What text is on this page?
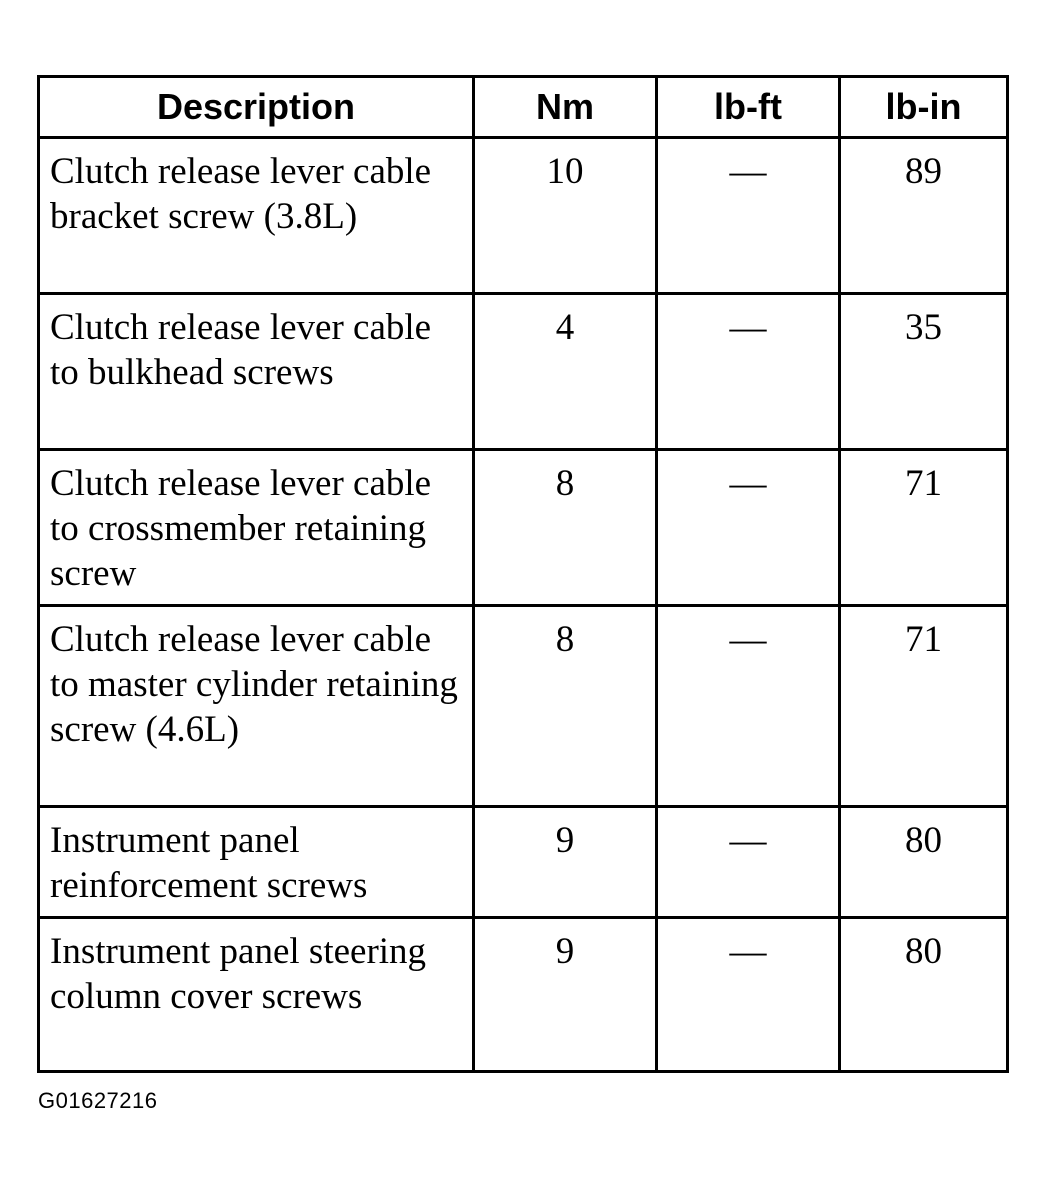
Description	Nm	lb-ft	lb-in
Clutch release lever cable bracket screw (3.8L)	10	—	89
Clutch release lever cable to bulkhead screws	4	—	35
Clutch release lever cable to crossmember retaining screw	8	—	71
Clutch release lever cable to master cylinder retaining screw (4.6L)	8	—	71
Instrument panel reinforcement screws	9	—	80
Instrument panel steering column cover screws	9	—	80
G01627216
